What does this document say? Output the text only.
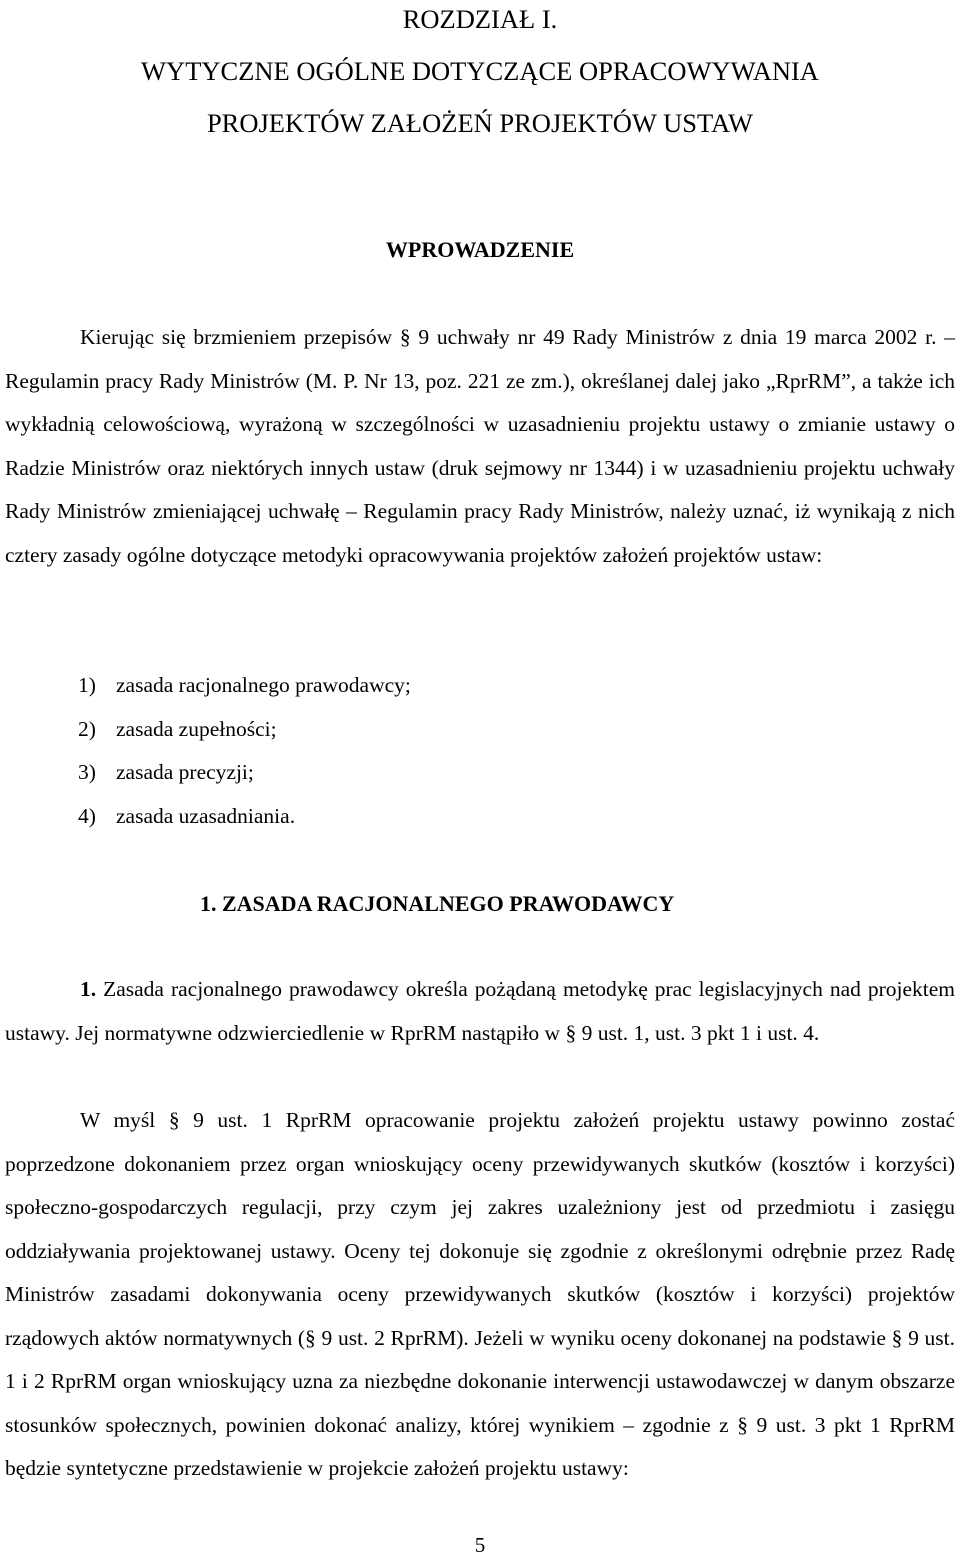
ROZDZIAŁ I.

WYTYCZNE OGÓLNE DOTYCZĄCE OPRACOWYWANIA

PROJEKTÓW ZAŁOŻEŃ PROJEKTÓW USTAW

WPROWADZENIE

Kierując się brzmieniem przepisów § 9 uchwały nr 49 Rady Ministrów z dnia 19 marca 2002 r. – Regulamin pracy Rady Ministrów (M. P. Nr 13, poz. 221 ze zm.), określanej dalej jako „RprRM”, a także ich wykładnią celowościową, wyrażoną w szczególności w uzasadnieniu projektu ustawy o zmianie ustawy o Radzie Ministrów oraz niektórych innych ustaw (druk sejmowy nr 1344) i w uzasadnieniu projektu uchwały Rady Ministrów zmieniającej uchwałę – Regulamin pracy Rady Ministrów, należy uznać, iż wynikają z nich cztery zasady ogólne dotyczące metodyki opracowywania projektów założeń projektów ustaw:

1) zasada racjonalnego prawodawcy;
2) zasada zupełności;
3) zasada precyzji;
4) zasada uzasadniania.

1. ZASADA RACJONALNEGO PRAWODAWCY

1. Zasada racjonalnego prawodawcy określa pożądaną metodykę prac legislacyjnych nad projektem ustawy. Jej normatywne odzwierciedlenie w RprRM nastąpiło w § 9 ust. 1, ust. 3 pkt 1 i ust. 4.

W myśl § 9 ust. 1 RprRM opracowanie projektu założeń projektu ustawy powinno zostać poprzedzone dokonaniem przez organ wnioskujący oceny przewidywanych skutków (kosztów i korzyści) społeczno-gospodarczych regulacji, przy czym jej zakres uzależniony jest od przedmiotu i zasięgu oddziaływania projektowanej ustawy. Oceny tej dokonuje się zgodnie z określonymi odrębnie przez Radę Ministrów zasadami dokonywania oceny przewidywanych skutków (kosztów i korzyści) projektów rządowych aktów normatywnych (§ 9 ust. 2 RprRM). Jeżeli w wyniku oceny dokonanej na podstawie § 9 ust. 1 i 2 RprRM organ wnioskujący uzna za niezbędne dokonanie interwencji ustawodawczej w danym obszarze stosunków społecznych, powinien dokonać analizy, której wynikiem – zgodnie z § 9 ust. 3 pkt 1 RprRM będzie syntetyczne przedstawienie w projekcie założeń projektu ustawy:

5
